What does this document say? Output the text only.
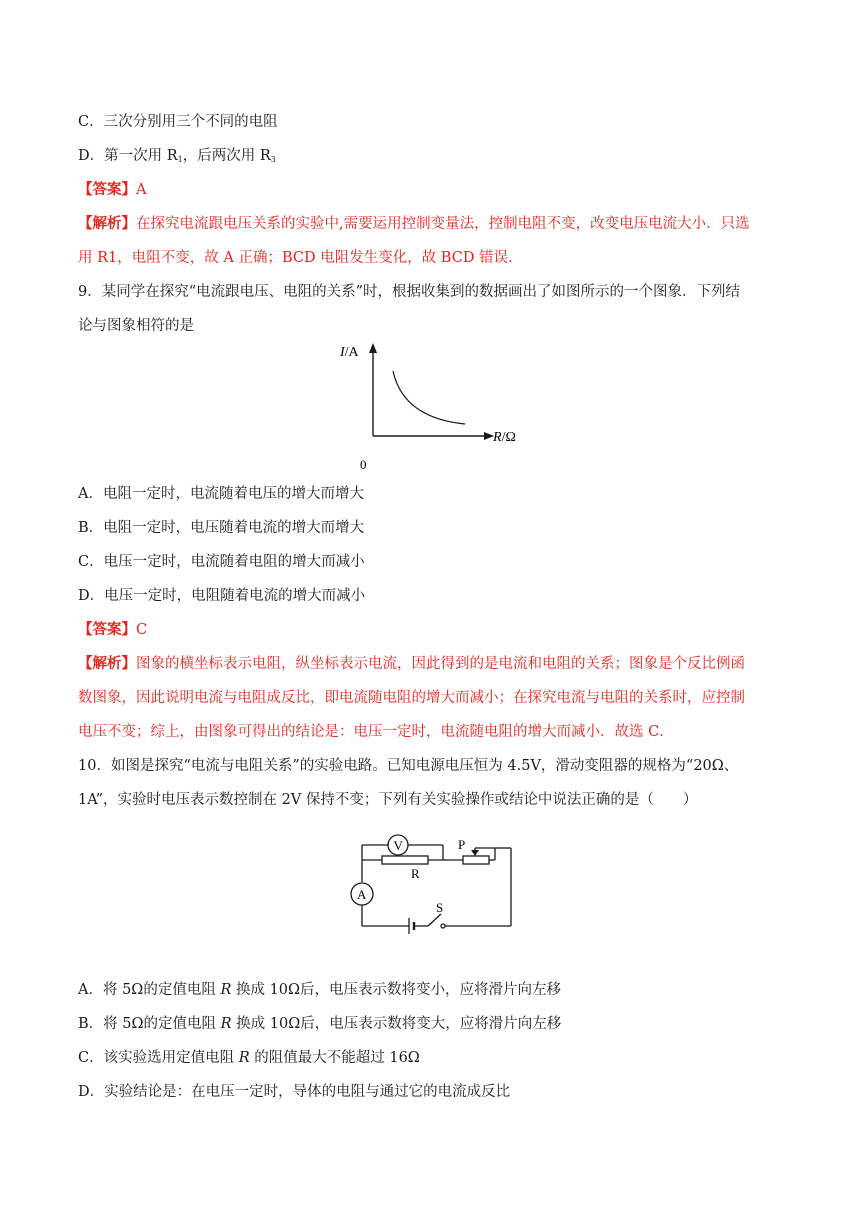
C．三次分别用三个不同的电阻
D．第一次用 $R_1$，后两次用 $R_3$
【答案】A
【解析】在探究电流跟电压关系的实验中,需要运用控制变量法，控制电阻不变，改变电压电流大小．只选
用 R1，电阻不变，故 A 正确；BCD 电阻发生变化，故 BCD 错误.
9．某同学在探究“电流跟电压、电阻的关系”时，根据收集到的数据画出了如图所示的一个图象．下列结
论与图象相符的是
I/A
R/Ω
0
A．电阻一定时，电流随着电压的增大而增大
B．电阻一定时，电压随着电流的增大而增大
C．电压一定时，电流随着电阻的增大而减小
D．电压一定时，电阻随着电流的增大而减小
【答案】C
【解析】图象的横坐标表示电阻，纵坐标表示电流，因此得到的是电流和电阻的关系；图象是个反比例函
数图象，因此说明电流与电阻成反比，即电流随电阻的增大而减小；在探究电流与电阻的关系时，应控制
电压不变；综上，由图象可得出的结论是：电压一定时，电流随电阻的增大而减小．故选 C．
10．如图是探究“电流与电阻关系”的实验电路。已知电源电压恒为 4.5V，滑动变阻器的规格为“20Ω、
1A”，实验时电压表示数控制在 2V 保持不变；下列有关实验操作或结论中说法正确的是（　　）
V
A
R
P
S
A．将 5Ω的定值电阻 R 换成 10Ω后，电压表示数将变小，应将滑片向左移
B．将 5Ω的定值电阻 R 换成 10Ω后，电压表示数将变大，应将滑片向左移
C．该实验选用定值电阻 R 的阻值最大不能超过 16Ω
D．实验结论是：在电压一定时，导体的电阻与通过它的电流成反比
